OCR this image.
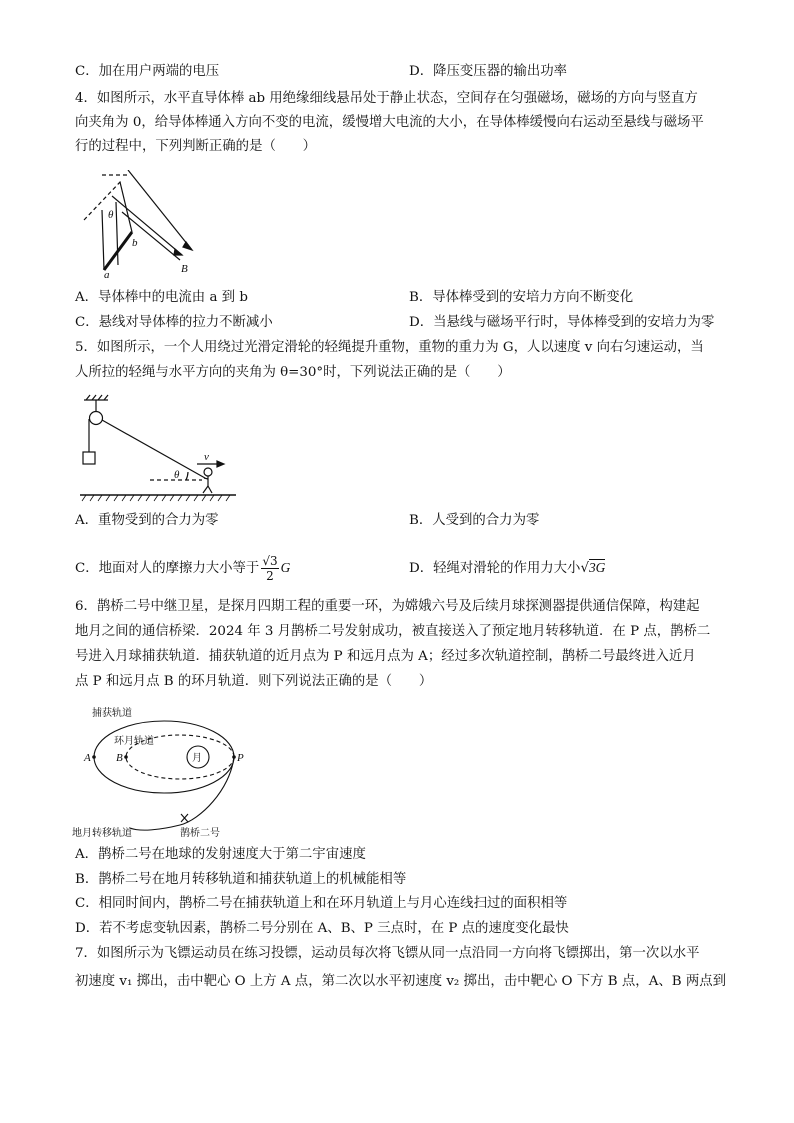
C．加在用户两端的电压	D．降压变压器的输出功率
4．如图所示，水平直导体棒 ab 用绝缘细线悬吊处于静止状态，空间存在匀强磁场，磁场的方向与竖直方
向夹角为 0，给导体棒通入方向不变的电流，缓慢增大电流的大小，在导体棒缓慢向右运动至悬线与磁场平
行的过程中，下列判断正确的是（　　）
θ
b
a	B
A．导体棒中的电流由 a 到 b	B．导体棒受到的安培力方向不断变化
C．悬线对导体棒的拉力不断减小	D．当悬线与磁场平行时，导体棒受到的安培力为零
5．如图所示，一个人用绕过光滑定滑轮的轻绳提升重物，重物的重力为 G，人以速度 v 向右匀速运动，当
人所拉的轻绳与水平方向的夹角为 θ=30°时，下列说法正确的是（　　）
v
θ
A．重物受到的合力为零	B．人受到的合力为零
C．地面对人的摩擦力大小等于 $\frac{√3}{2}$ G	D．轻绳对滑轮的作用力大小√3G
6．鹊桥二号中继卫星，是探月四期工程的重要一环，为嫦娥六号及后续月球探测器提供通信保障，构建起
地月之间的通信桥梁．2024 年 3 月鹊桥二号发射成功，被直接送入了预定地月转移轨道．在 P 点，鹊桥二
号进入月球捕获轨道．捕获轨道的近月点为 P 和远月点为 A；经过多次轨道控制，鹊桥二号最终进入近月
点 P 和远月点 B 的环月轨道．则下列说法正确的是（　　）
捕获轨道
环月轨道
月
地月转移轨道	鹊桥二号
A B	P
A．鹊桥二号在地球的发射速度大于第二宇宙速度
B．鹊桥二号在地月转移轨道和捕获轨道上的机械能相等
C．相同时间内，鹊桥二号在捕获轨道上和在环月轨道上与月心连线扫过的面积相等
D．若不考虑变轨因素，鹊桥二号分别在 A、B、P 三点时，在 P 点的速度变化最快
7．如图所示为飞镖运动员在练习投镖，运动员每次将飞镖从同一点沿同一方向将飞镖掷出，第一次以水平
初速度 v₁ 掷出，击中靶心 O 上方 A 点，第二次以水平初速度 v₂ 掷出，击中靶心 O 下方 B 点，A、B 两点到
